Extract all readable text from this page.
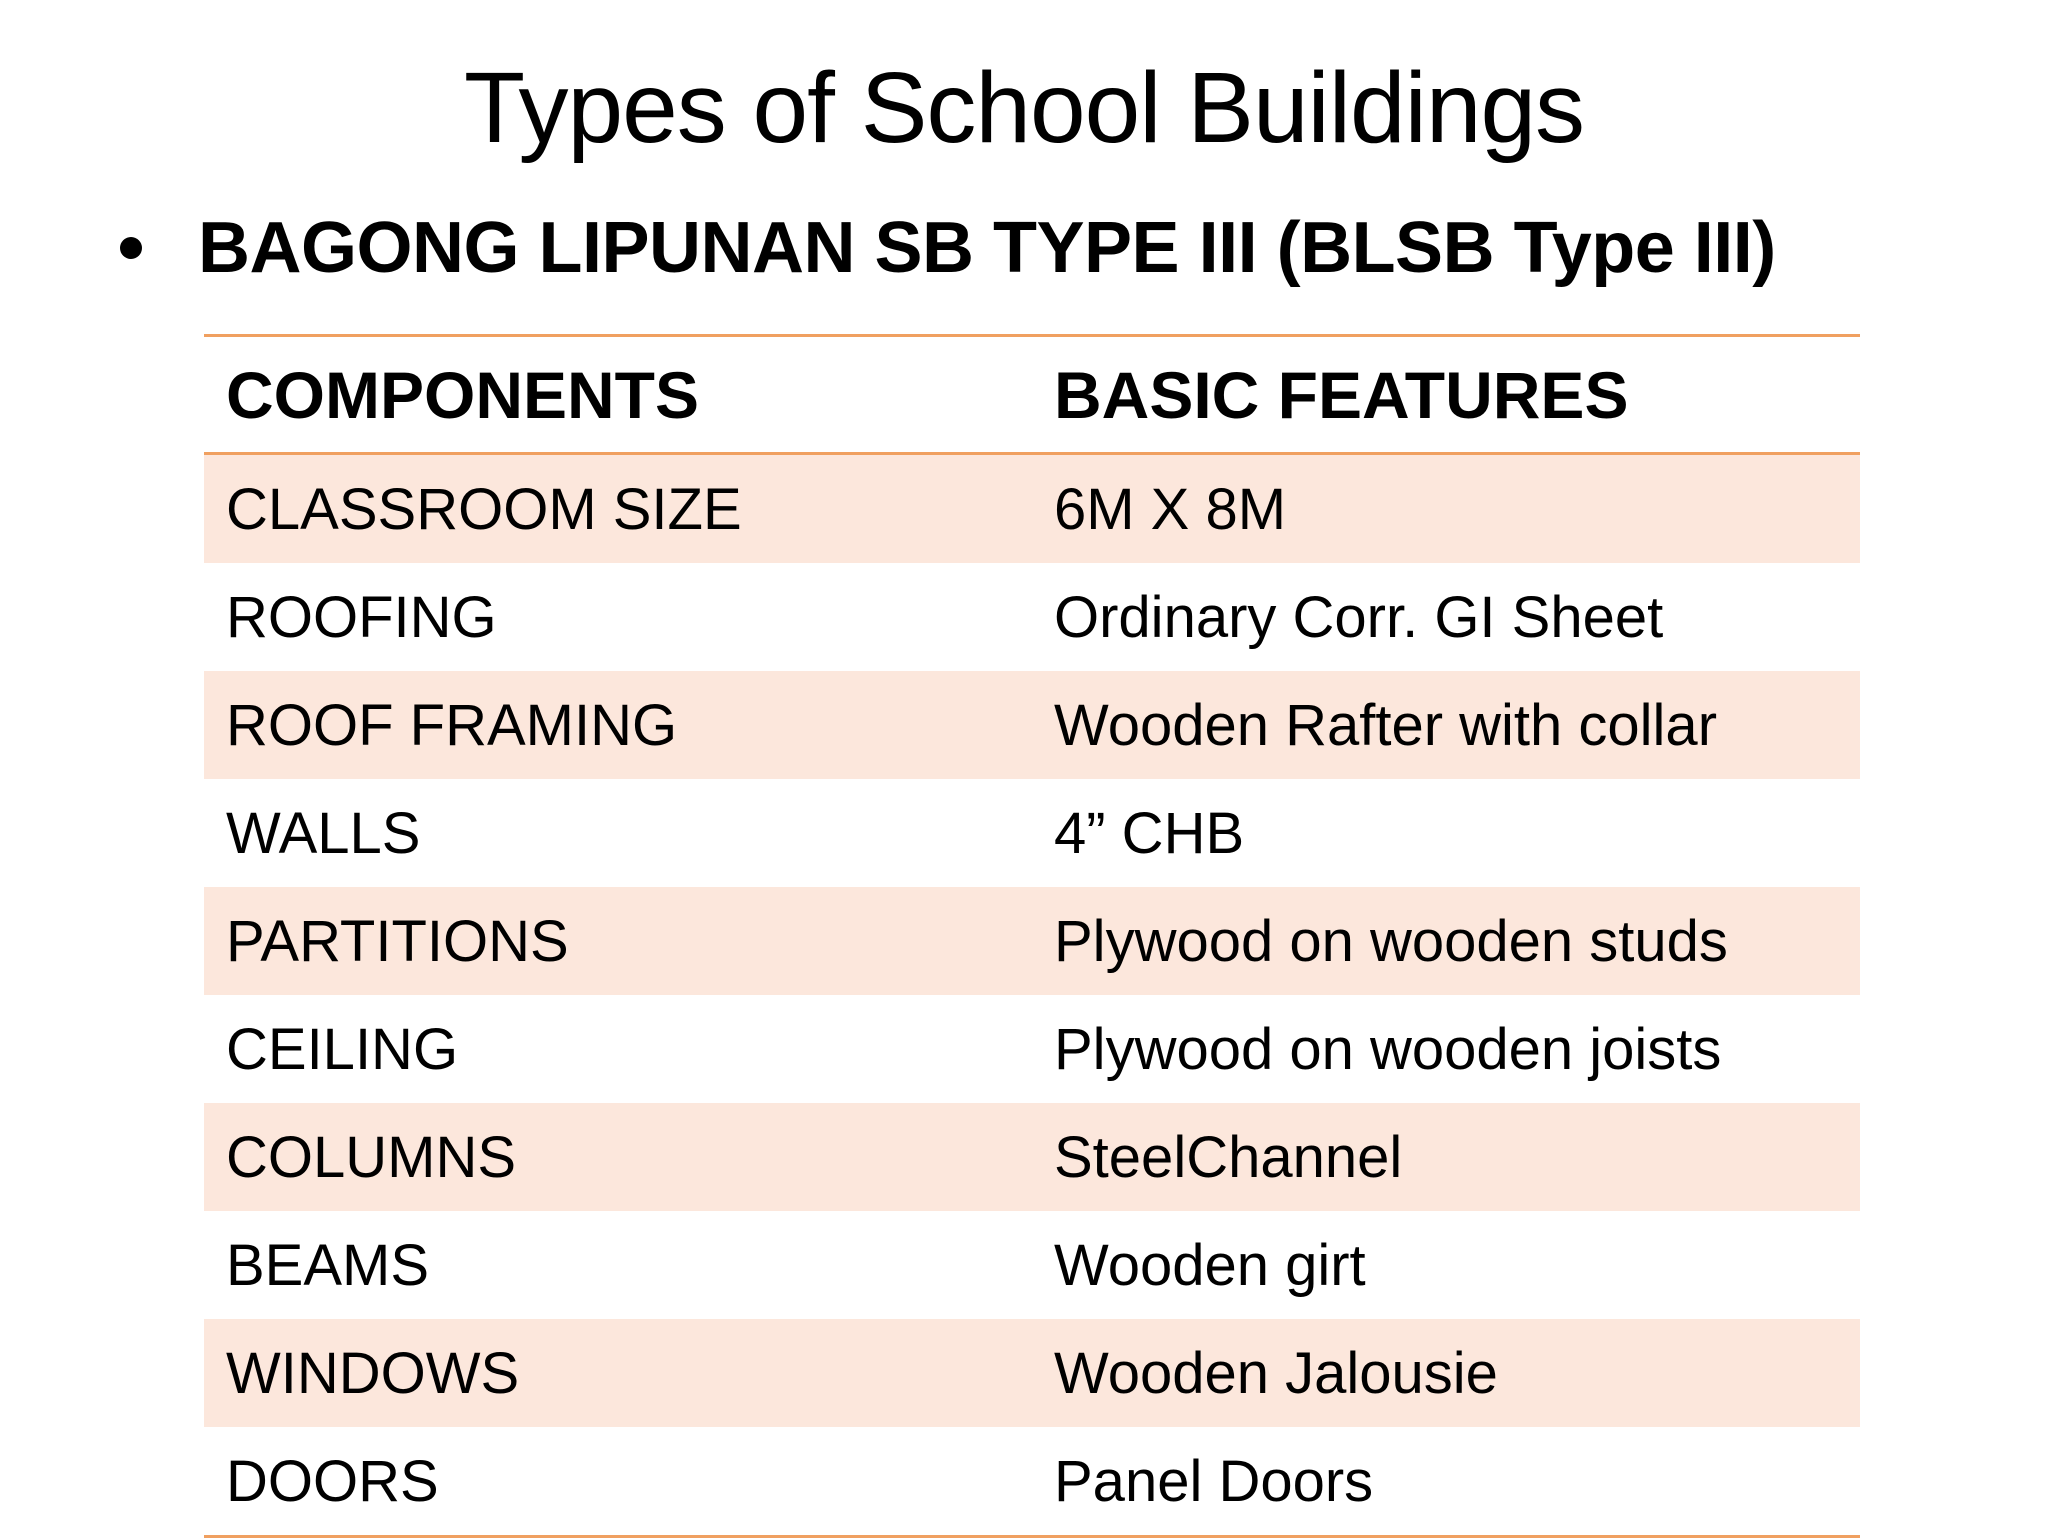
Types of School Buildings
BAGONG LIPUNAN SB TYPE III (BLSB Type III)
COMPONENTS	BASIC FEATURES
CLASSROOM SIZE	6M X 8M
ROOFING	Ordinary Corr. GI Sheet
ROOF FRAMING	Wooden Rafter with collar
WALLS	4” CHB
PARTITIONS	Plywood on wooden studs
CEILING	Plywood on wooden joists
COLUMNS	SteelChannel
BEAMS	Wooden girt
WINDOWS	Wooden Jalousie
DOORS	Panel Doors
